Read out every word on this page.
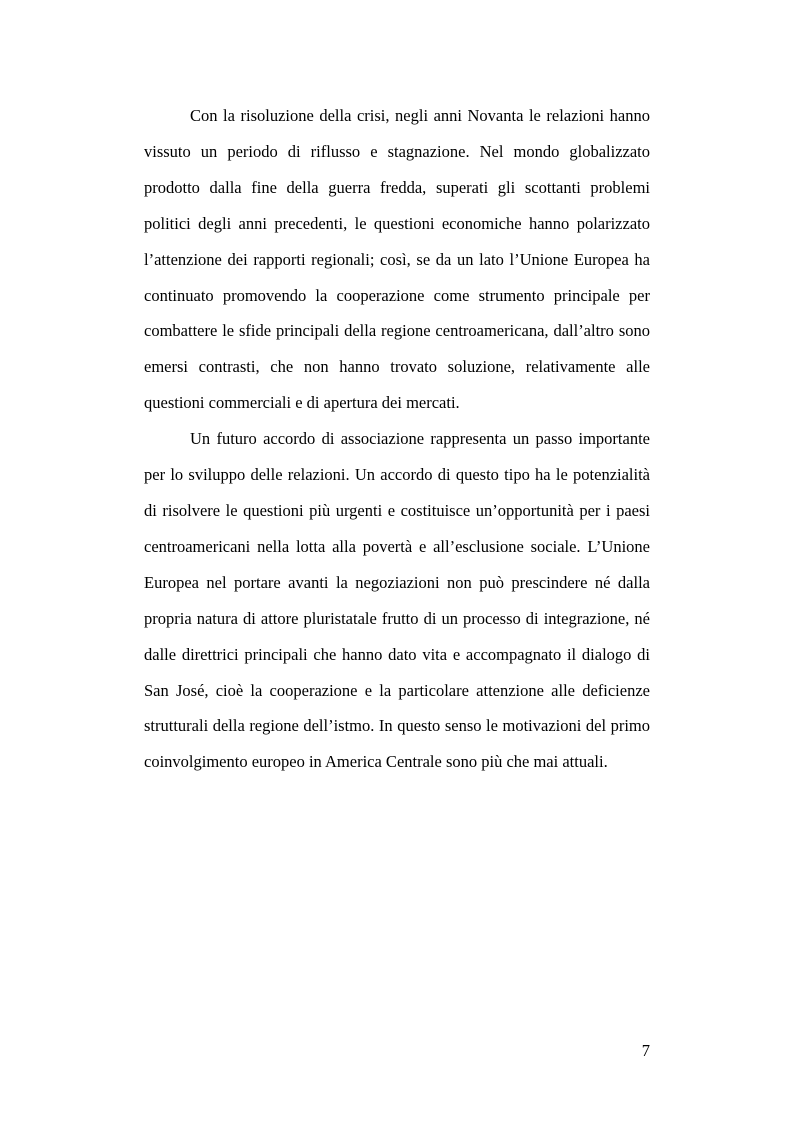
Con la risoluzione della crisi, negli anni Novanta le relazioni hanno vissuto un periodo di riflusso e stagnazione. Nel mondo globalizzato prodotto dalla fine della guerra fredda, superati gli scottanti problemi politici degli anni precedenti, le questioni economiche hanno polarizzato l’attenzione dei rapporti regionali; così, se da un lato l’Unione Europea ha continuato promovendo la cooperazione come strumento principale per combattere le sfide principali della regione centroamericana, dall’altro sono emersi contrasti, che non hanno trovato soluzione, relativamente alle questioni commerciali e di apertura dei mercati.

Un futuro accordo di associazione rappresenta un passo importante per lo sviluppo delle relazioni. Un accordo di questo tipo ha le potenzialità di risolvere le questioni più urgenti e costituisce un’opportunità per i paesi centroamericani nella lotta alla povertà e all’esclusione sociale. L’Unione Europea nel portare avanti la negoziazioni non può prescindere né dalla propria natura di attore pluristatale frutto di un processo di integrazione, né dalle direttrici principali che hanno dato vita e accompagnato il dialogo di San José, cioè la cooperazione e la particolare attenzione alle deficienze strutturali della regione dell’istmo. In questo senso le motivazioni del primo coinvolgimento europeo in America Centrale sono più che mai attuali.

7
